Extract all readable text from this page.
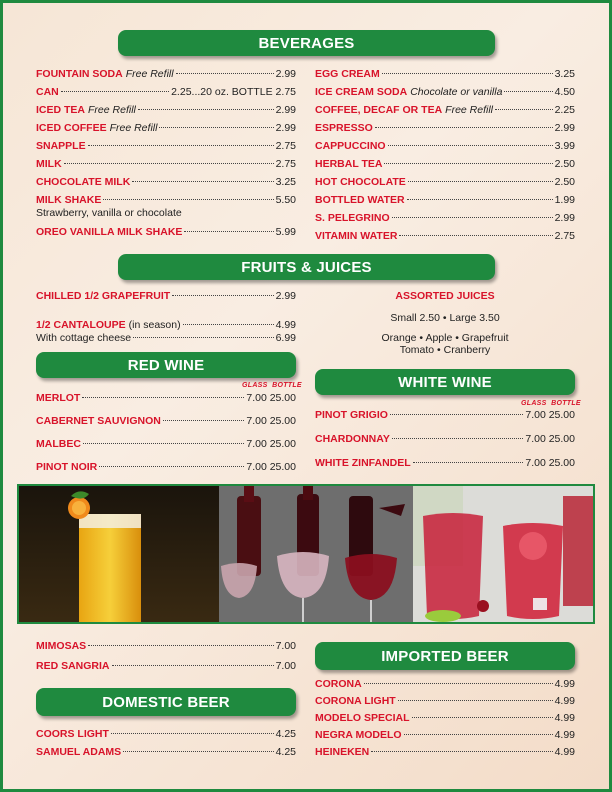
BEVERAGES
FOUNTAIN SODA Free Refill	2.99
CAN	2.25...20 oz. BOTTLE 2.75
ICED TEA Free Refill	2.99
ICED COFFEE Free Refill	2.99
SNAPPLE	2.75
MILK	2.75
CHOCOLATE MILK	3.25
MILK SHAKE	5.50
Strawberry, vanilla or chocolate
OREO VANILLA MILK SHAKE	5.99
EGG CREAM	3.25
ICE CREAM SODA Chocolate or vanilla	4.50
COFFEE, DECAF OR TEA Free Refill	2.25
ESPRESSO	2.99
CAPPUCCINO	3.99
HERBAL TEA	2.50
HOT CHOCOLATE	2.50
BOTTLED WATER	1.99
S. PELEGRINO	2.99
VITAMIN WATER	2.75
FRUITS & JUICES
CHILLED 1/2 GRAPEFRUIT	2.99
1/2 CANTALOUPE (in season)	4.99
With cottage cheese	6.99
ASSORTED JUICES
Small 2.50 • Large 3.50
Orange • Apple • Grapefruit
Tomato • Cranberry
RED WINE
GLASS  BOTTLE
MERLOT	7.00 25.00
CABERNET SAUVIGNON	7.00 25.00
MALBEC	7.00 25.00
PINOT NOIR	7.00 25.00
WHITE WINE
GLASS  BOTTLE
PINOT GRIGIO	7.00 25.00
CHARDONNAY	7.00 25.00
WHITE ZINFANDEL	7.00 25.00
MIMOSAS	7.00
RED SANGRIA	7.00
DOMESTIC BEER
COORS LIGHT	4.25
SAMUEL ADAMS	4.25
IMPORTED BEER
CORONA	4.99
CORONA LIGHT	4.99
MODELO SPECIAL	4.99
NEGRA MODELO	4.99
HEINEKEN	4.99
